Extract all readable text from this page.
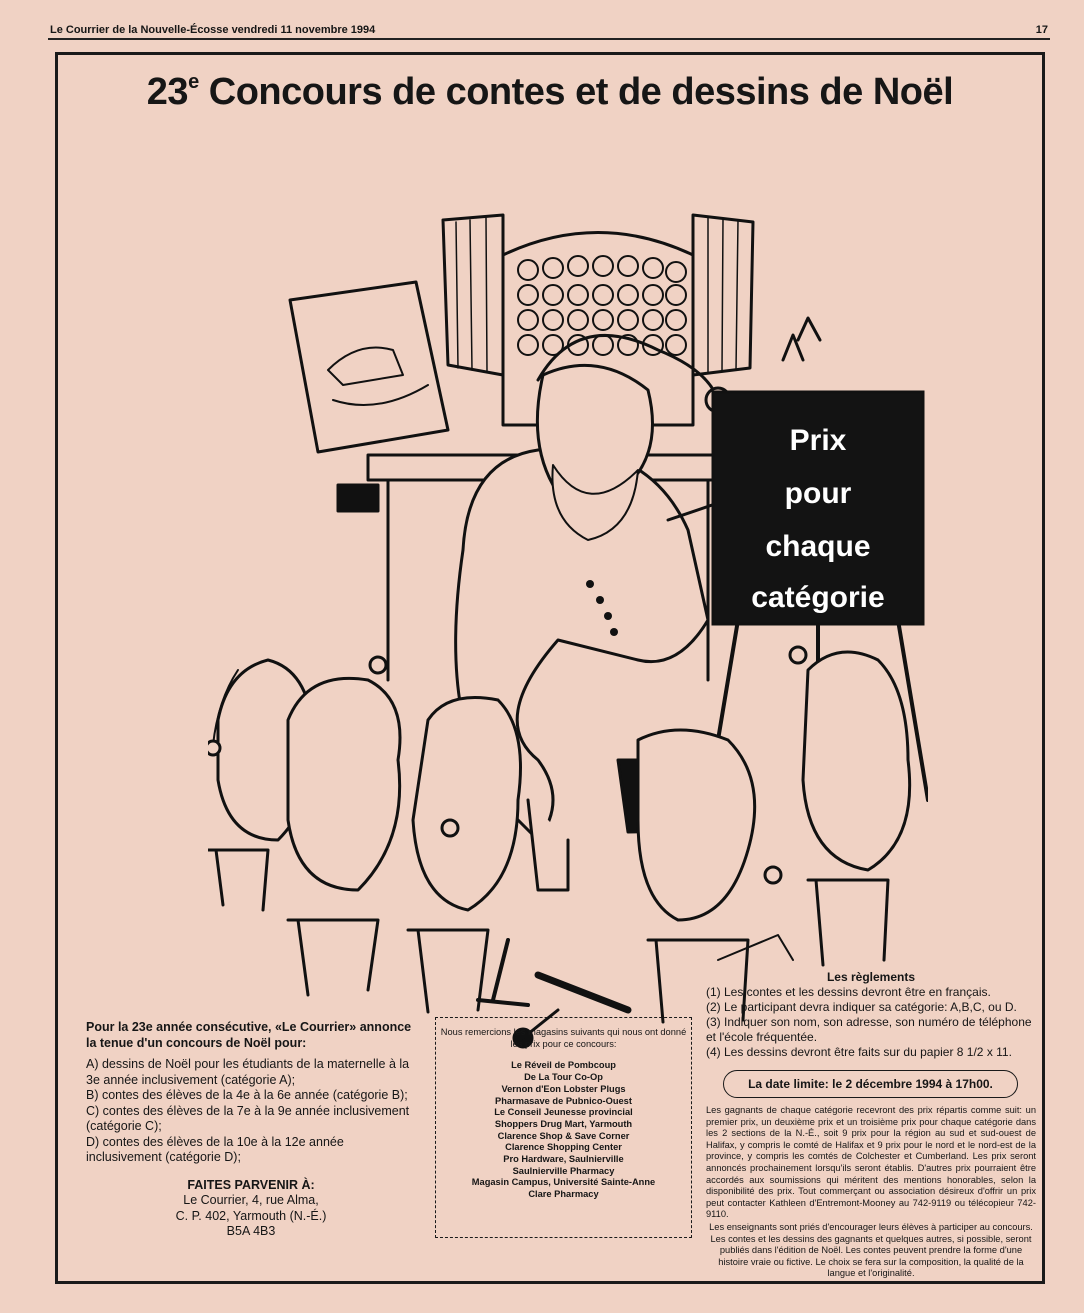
Le Courrier de la Nouvelle-Écosse vendredi 11 novembre 1994	17
23e Concours de contes et de dessins de Noël
Prix
pour
chaque
catégorie
Les règlements

(1) Les contes et les dessins devront être en français.

(2) Le participant devra indiquer sa catégorie: A,B,C, ou D.

(3) Indiquer son nom, son adresse, son numéro de téléphone et l'école fréquentée.

(4) Les dessins devront être faits sur du papier 8 1/2 x 11.

La date limite: le 2 décembre 1994 à 17h00.

Les gagnants de chaque catégorie recevront des prix répartis comme suit: un premier prix, un deuxième prix et un troisième prix pour chaque catégorie dans les 2 sections de la N.-É., soit 9 prix pour la région au sud et sud-ouest de Halifax, y compris le comté de Halifax et 9 prix pour le nord et le nord-est de la province, y compris les comtés de Colchester et Cumberland. Les prix seront annoncés prochainement lorsqu'ils seront établis. D'autres prix pourraient être accordés aux soumissions qui méritent des mentions honorables, selon la disponibilité des prix. Tout commerçant ou association désireux d'offrir un prix peut contacter Kathleen d'Entremont-Mooney au 742-9119 ou télécopieur 742-9110.

Les enseignants sont priés d'encourager leurs élèves à participer au concours. Les contes et les dessins des gagnants et quelques autres, si possible, seront publiés dans l'édition de Noël. Les contes peuvent prendre la forme d'une histoire vraie ou fictive. Le choix se fera sur la composition, la qualité de la langue et l'originalité.

Pour la 23e année consécutive, «Le Courrier» annonce la tenue d'un concours de Noël pour:

A) dessins de Noël pour les étudiants de la maternelle à la 3e année inclusivement (catégorie A);

B) contes des élèves de la 4e à la 6e année (catégorie B);

C) contes des élèves de la 7e à la 9e année inclusivement (catégorie C);

D) contes des élèves de la 10e à la 12e année inclusivement (catégorie D);

FAITES PARVENIR À:

Le Courrier, 4, rue Alma,

C. P. 402, Yarmouth (N.-É.)

B5A 4B3

Nous remercions les magasins suivants qui nous ont donné les prix pour ce concours:
Le Réveil de Pombcoup
De La Tour Co-Op
Vernon d'Eon Lobster Plugs
Pharmasave de Pubnico-Ouest
Le Conseil Jeunesse provincial
Shoppers Drug Mart, Yarmouth
Clarence Shop & Save Corner
Clarence Shopping Center
Pro Hardware, Saulnierville
Saulnierville Pharmacy
Magasin Campus, Université Sainte-Anne
Clare Pharmacy
